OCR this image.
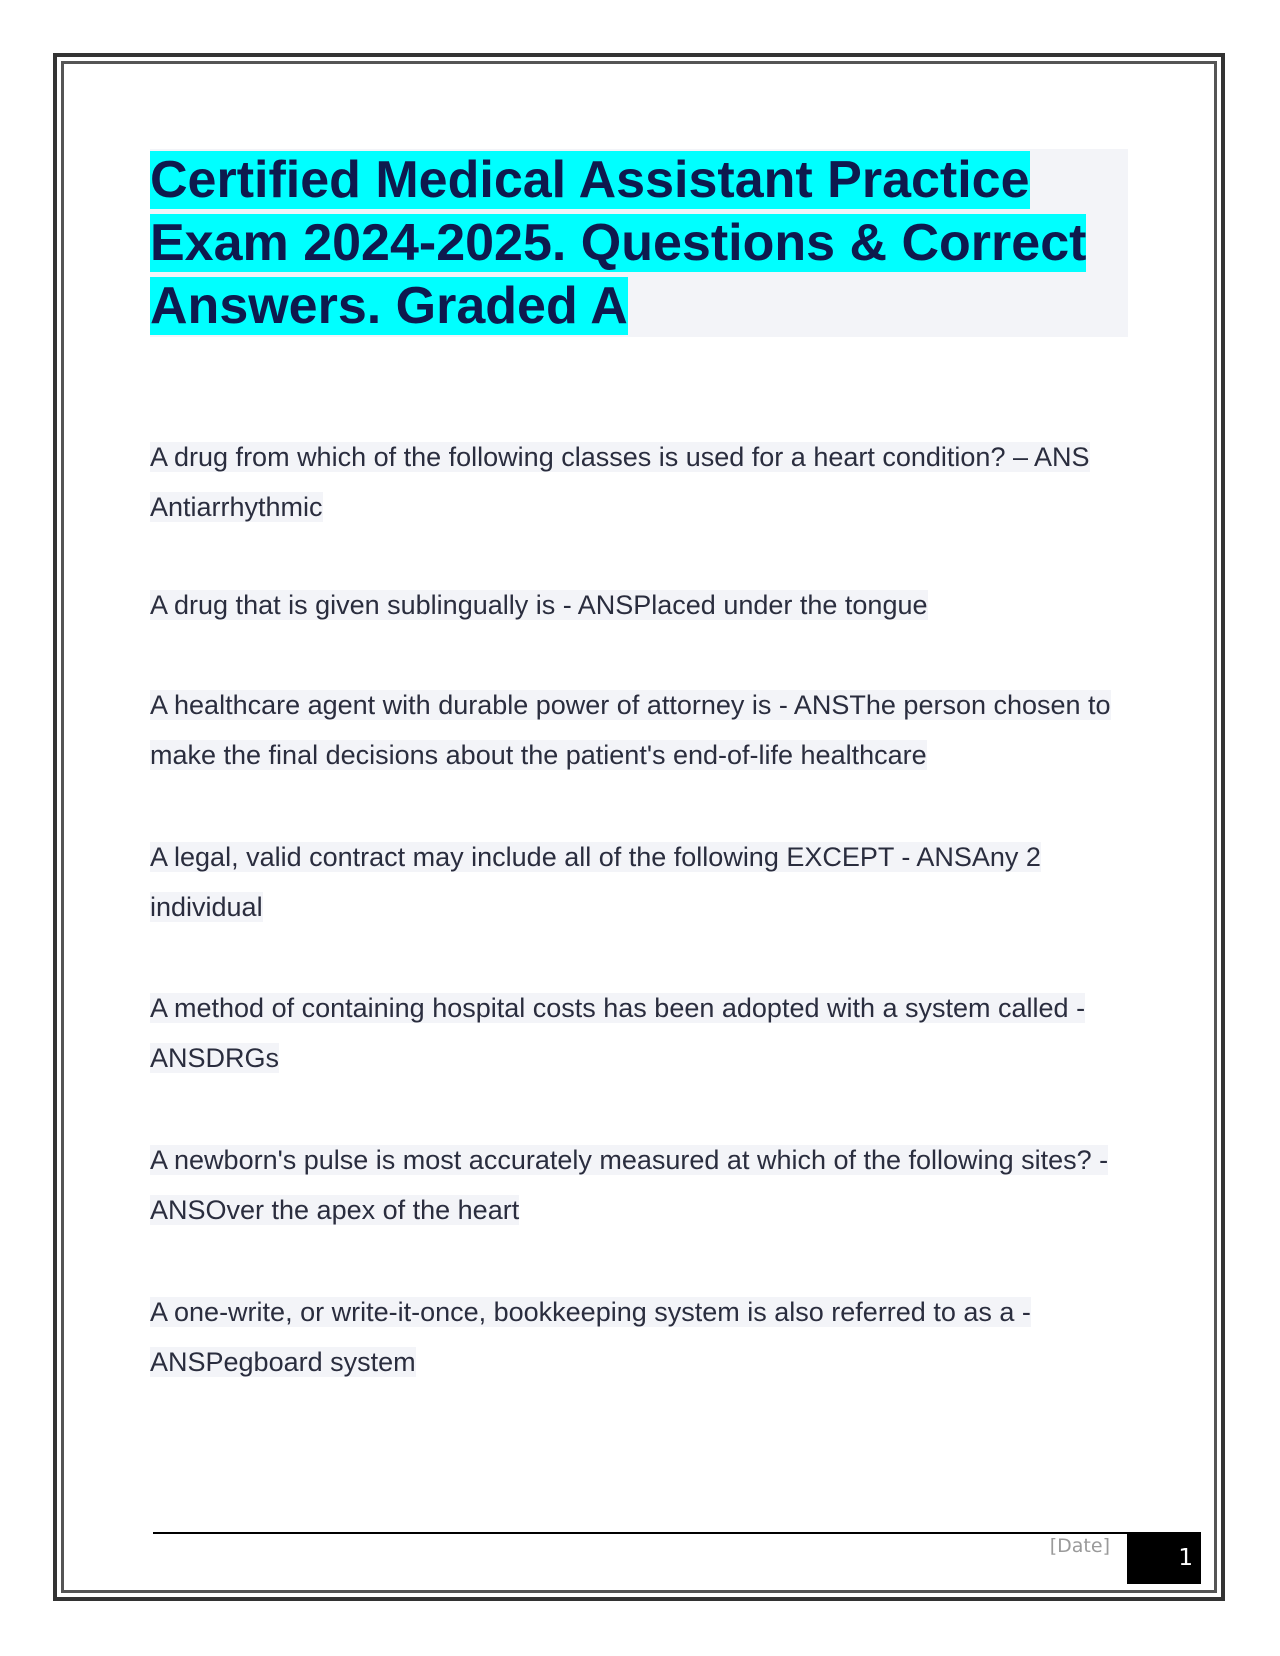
Certified Medical Assistant Practice Exam 2024-2025. Questions & Correct Answers. Graded A

A drug from which of the following classes is used for a heart condition? – ANS Antiarrhythmic

A drug that is given sublingually is - ANSPlaced under the tongue

A healthcare agent with durable power of attorney is - ANSThe person chosen to make the final decisions about the patient's end-of-life healthcare

A legal, valid contract may include all of the following EXCEPT - ANSAny 2 individual

A method of containing hospital costs has been adopted with a system called - ANSDRGs

A newborn's pulse is most accurately measured at which of the following sites? - ANSOver the apex of the heart

A one-write, or write-it-once, bookkeeping system is also referred to as a - ANSPegboard system

[Date]	1
